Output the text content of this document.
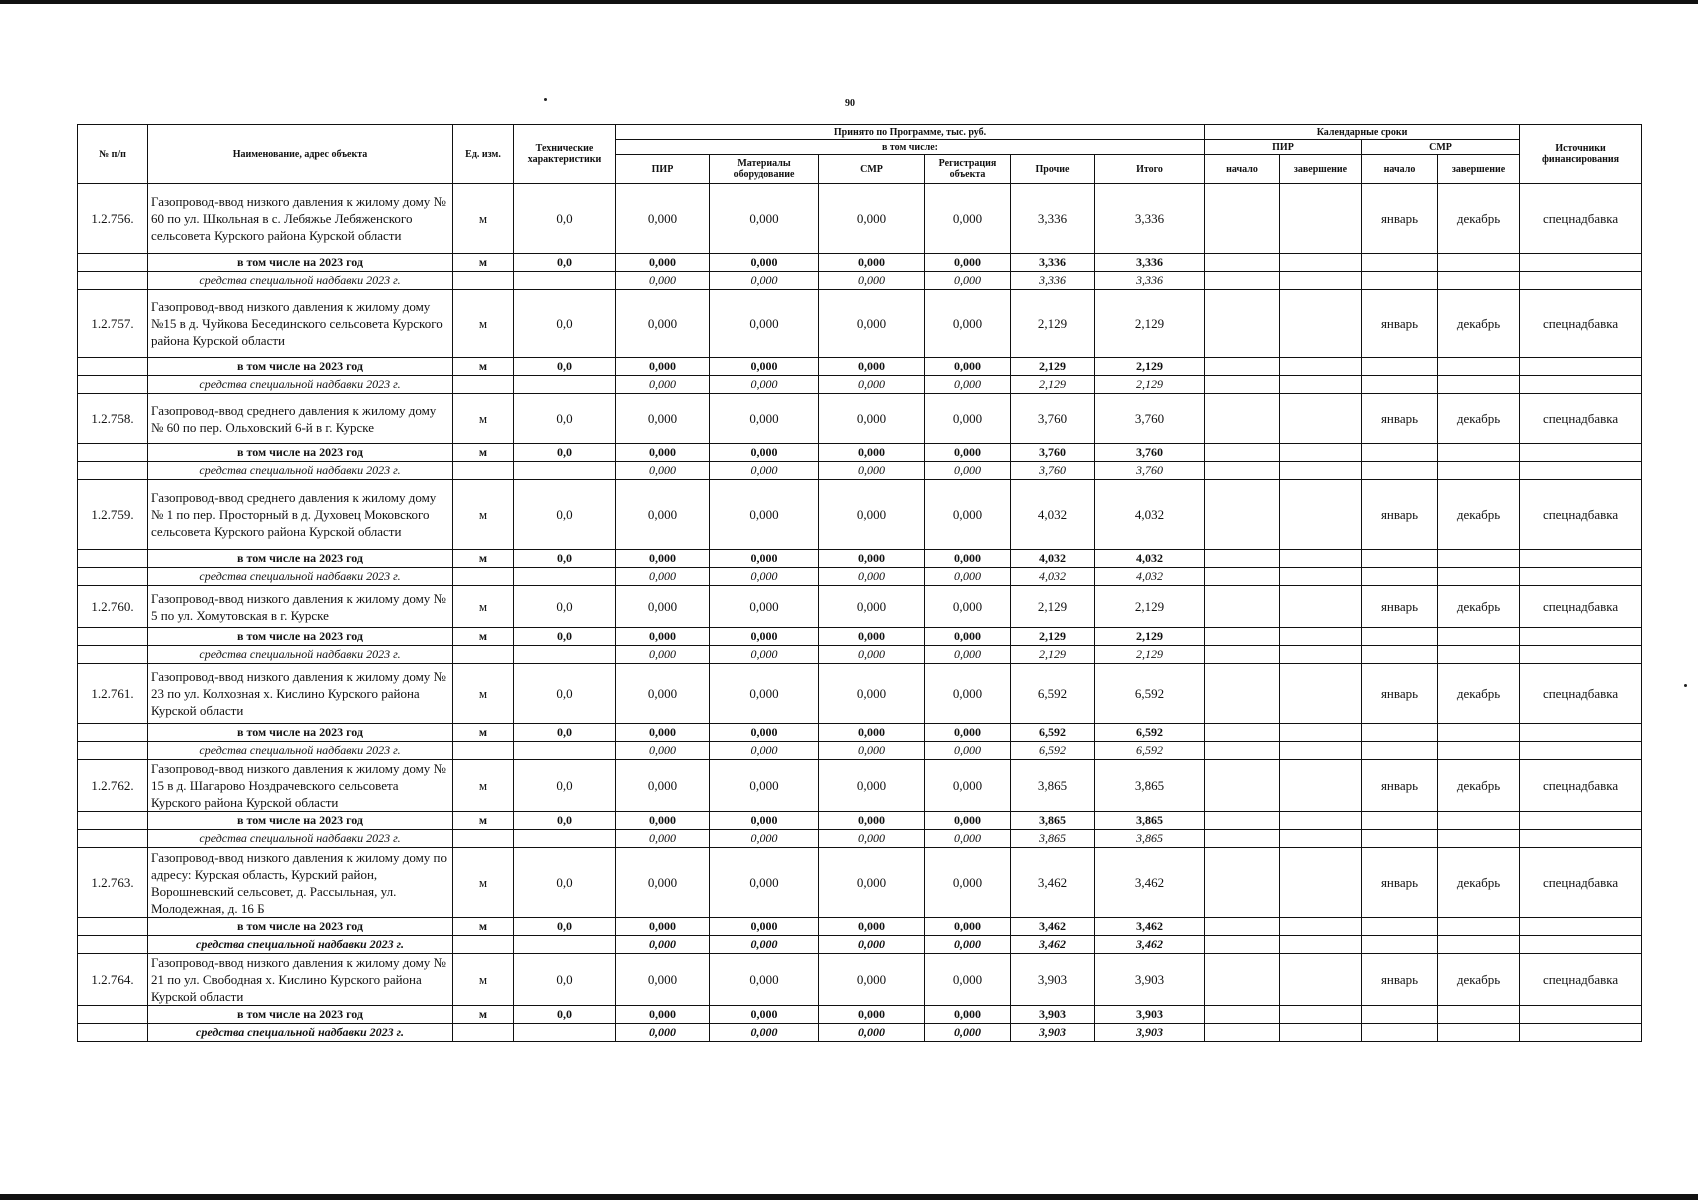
90
№ п/п	Наименование, адрес объекта	Ед. изм.	Технические характеристики	Принято по Программе, тыс. руб.						Календарные сроки				Источники финансирования
				в том числе:						ПИР		СМР		
				ПИР	Материалы оборудование	СМР	Регистрация объекта	Прочие	Итого	начало	завершение	начало	завершение	
1.2.756.	Газопровод-ввод низкого давления к жилому дому № 60 по ул. Школьная в с. Лебяжье Лебяженского сельсовета Курского района Курской области	м	0,0	0,000	0,000	0,000	0,000	3,336	3,336			январь	декабрь	спецнадбавка
	в том числе на 2023 год	м	0,0	0,000	0,000	0,000	0,000	3,336	3,336					
	средства специальной надбавки 2023 г.			0,000	0,000	0,000	0,000	3,336	3,336					
1.2.757.	Газопровод-ввод низкого давления к жилому дому №15 в д. Чуйкова Бесединского сельсовета Курского района Курской области	м	0,0	0,000	0,000	0,000	0,000	2,129	2,129			январь	декабрь	спецнадбавка
	в том числе на 2023 год	м	0,0	0,000	0,000	0,000	0,000	2,129	2,129					
	средства специальной надбавки 2023 г.			0,000	0,000	0,000	0,000	2,129	2,129					
1.2.758.	Газопровод-ввод среднего давления к жилому дому № 60 по пер. Ольховский 6-й в г. Курске	м	0,0	0,000	0,000	0,000	0,000	3,760	3,760			январь	декабрь	спецнадбавка
	в том числе на 2023 год	м	0,0	0,000	0,000	0,000	0,000	3,760	3,760					
	средства специальной надбавки 2023 г.			0,000	0,000	0,000	0,000	3,760	3,760					
1.2.759.	Газопровод-ввод среднего давления к жилому дому № 1 по пер. Просторный в д. Духовец Моковского сельсовета Курского района Курской области	м	0,0	0,000	0,000	0,000	0,000	4,032	4,032			январь	декабрь	спецнадбавка
	в том числе на 2023 год	м	0,0	0,000	0,000	0,000	0,000	4,032	4,032					
	средства специальной надбавки 2023 г.			0,000	0,000	0,000	0,000	4,032	4,032					
1.2.760.	Газопровод-ввод низкого давления к жилому дому № 5 по ул. Хомутовская в г. Курске	м	0,0	0,000	0,000	0,000	0,000	2,129	2,129			январь	декабрь	спецнадбавка
	в том числе на 2023 год	м	0,0	0,000	0,000	0,000	0,000	2,129	2,129					
	средства специальной надбавки 2023 г.			0,000	0,000	0,000	0,000	2,129	2,129					
1.2.761.	Газопровод-ввод низкого давления к жилому дому № 23 по ул. Колхозная х. Кислино Курского района Курской области	м	0,0	0,000	0,000	0,000	0,000	6,592	6,592			январь	декабрь	спецнадбавка
	в том числе на 2023 год	м	0,0	0,000	0,000	0,000	0,000	6,592	6,592					
	средства специальной надбавки 2023 г.			0,000	0,000	0,000	0,000	6,592	6,592					
1.2.762.	Газопровод-ввод низкого давления к жилому дому № 15 в д. Шагарово Ноздрачевского сельсовета Курского района Курской области	м	0,0	0,000	0,000	0,000	0,000	3,865	3,865			январь	декабрь	спецнадбавка
	в том числе на 2023 год	м	0,0	0,000	0,000	0,000	0,000	3,865	3,865					
	средства специальной надбавки 2023 г.			0,000	0,000	0,000	0,000	3,865	3,865					
1.2.763.	Газопровод-ввод низкого давления к жилому дому по адресу: Курская область, Курский район, Ворошневский сельсовет, д. Рассыльная, ул. Молодежная, д. 16 Б	м	0,0	0,000	0,000	0,000	0,000	3,462	3,462			январь	декабрь	спецнадбавка
	в том числе на 2023 год	м	0,0	0,000	0,000	0,000	0,000	3,462	3,462					
	средства специальной надбавки 2023 г.			0,000	0,000	0,000	0,000	3,462	3,462					
1.2.764.	Газопровод-ввод низкого давления к жилому дому № 21 по ул. Свободная х. Кислино Курского района Курской области	м	0,0	0,000	0,000	0,000	0,000	3,903	3,903			январь	декабрь	спецнадбавка
	в том числе на 2023 год	м	0,0	0,000	0,000	0,000	0,000	3,903	3,903					
	средства специальной надбавки 2023 г.			0,000	0,000	0,000	0,000	3,903	3,903					
